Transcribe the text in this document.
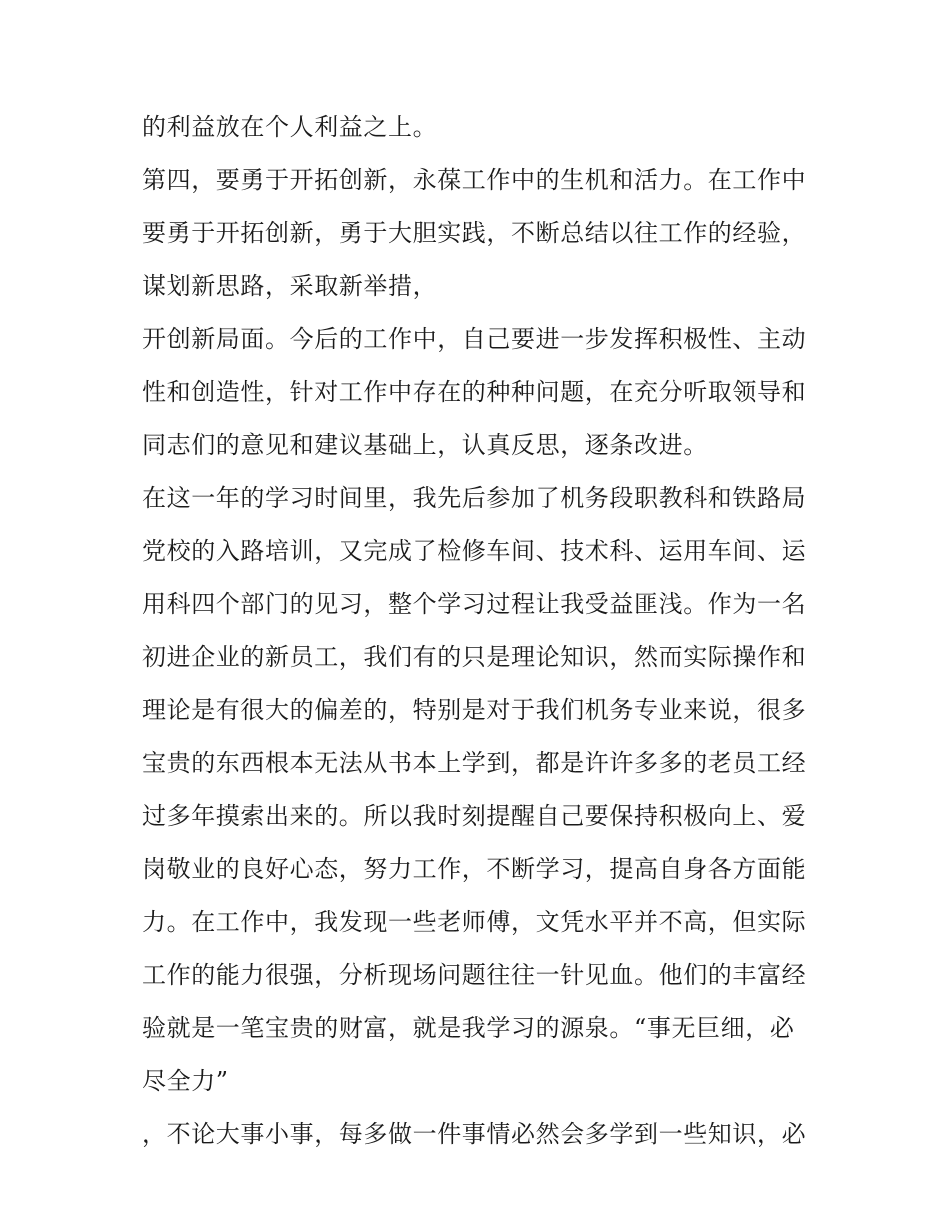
的利益放在个人利益之上。
第四，要勇于开拓创新，永葆工作中的生机和活力。在工作中
要勇于开拓创新，勇于大胆实践，不断总结以往工作的经验，
谋划新思路，采取新举措，
开创新局面。今后的工作中，自己要进一步发挥积极性、主动
性和创造性，针对工作中存在的种种问题，在充分听取领导和
同志们的意见和建议基础上，认真反思，逐条改进。
在这一年的学习时间里，我先后参加了机务段职教科和铁路局
党校的入路培训，又完成了检修车间、技术科、运用车间、运
用科四个部门的见习，整个学习过程让我受益匪浅。作为一名
初进企业的新员工，我们有的只是理论知识，然而实际操作和
理论是有很大的偏差的，特别是对于我们机务专业来说，很多
宝贵的东西根本无法从书本上学到，都是许许多多的老员工经
过多年摸索出来的。所以我时刻提醒自己要保持积极向上、爱
岗敬业的良好心态，努力工作，不断学习，提高自身各方面能
力。在工作中，我发现一些老师傅，文凭水平并不高，但实际
工作的能力很强，分析现场问题往往一针见血。他们的丰富经
验就是一笔宝贵的财富，就是我学习的源泉。“事无巨细，必
尽全力”
，不论大事小事，每多做一件事情必然会多学到一些知识，必
